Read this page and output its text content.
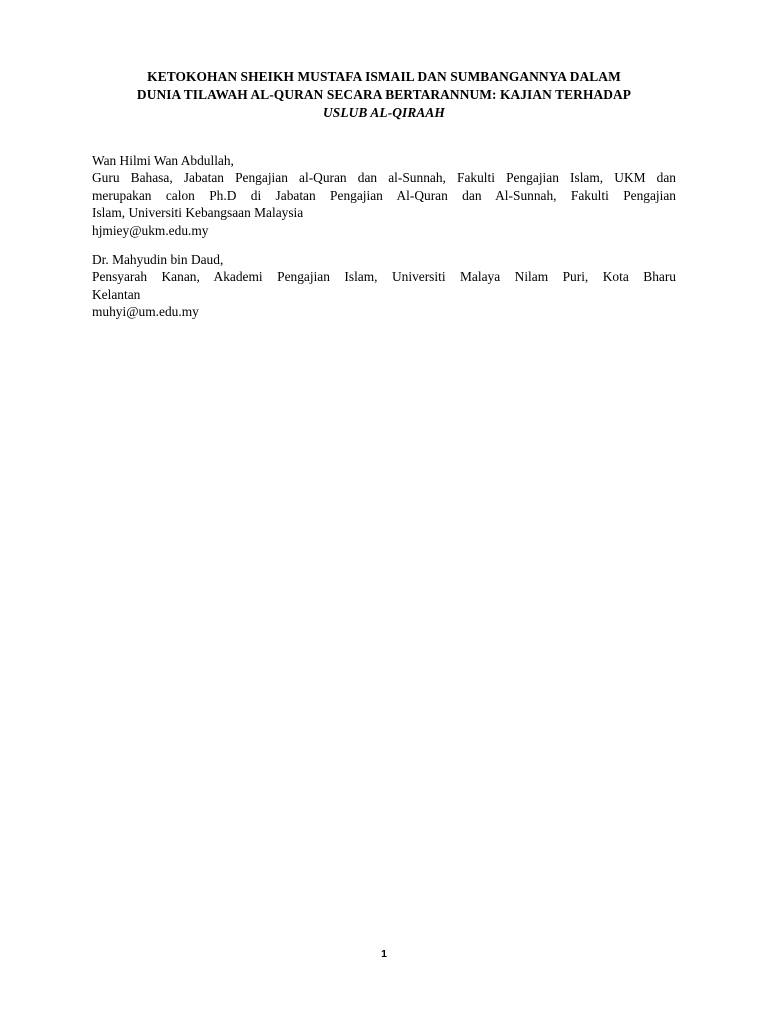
KETOKOHAN SHEIKH MUSTAFA ISMAIL DAN SUMBANGANNYA DALAM
DUNIA TILAWAH AL-QURAN SECARA BERTARANNUM: KAJIAN TERHADAP
USLUB AL-QIRAAH
Wan Hilmi Wan Abdullah,
Guru Bahasa, Jabatan Pengajian al-Quran dan al-Sunnah, Fakulti Pengajian Islam, UKM dan
merupakan calon Ph.D di Jabatan Pengajian Al-Quran dan Al-Sunnah, Fakulti Pengajian
Islam, Universiti Kebangsaan Malaysia
hjmiey@ukm.edu.my
Dr. Mahyudin bin Daud,
Pensyarah Kanan, Akademi Pengajian Islam, Universiti Malaya Nilam Puri, Kota Bharu
Kelantan
muhyi@um.edu.my
1
